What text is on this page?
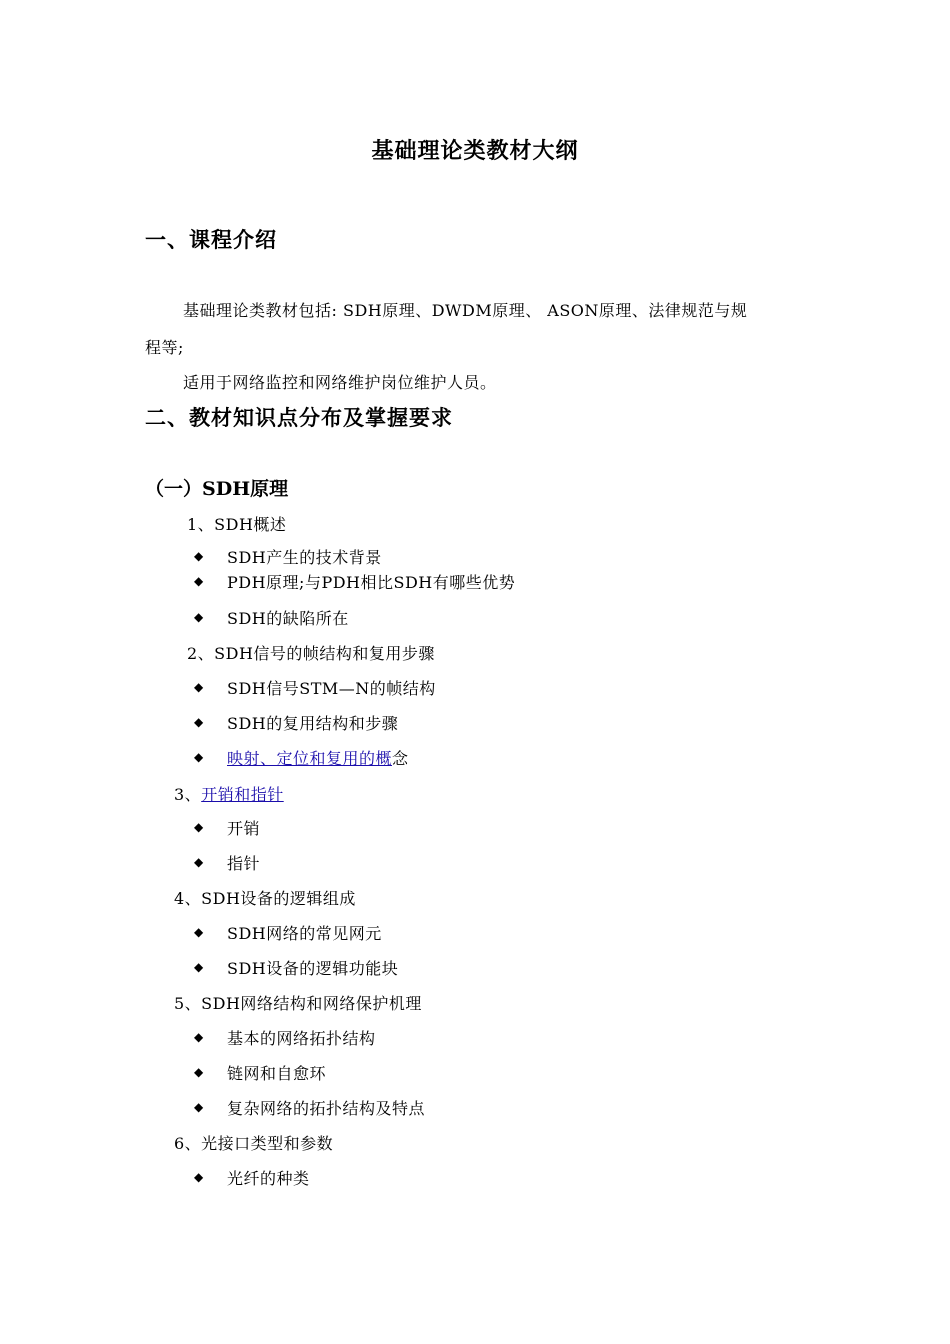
基础理论类教材大纲
一、课程介绍
基础理论类教材包括: SDH原理、DWDM原理、 ASON原理、法律规范与规
程等;
适用于网络监控和网络维护岗位维护人员。
二、教材知识点分布及掌握要求
（一）SDH原理
1、SDH概述
◆
SDH产生的技术背景
◆
PDH原理;与PDH相比SDH有哪些优势
◆
SDH的缺陷所在
2、SDH信号的帧结构和复用步骤
◆
SDH信号STM—N的帧结构
◆
SDH的复用结构和步骤
◆
映射、定位和复用的概念
3、开销和指针
◆
开销
◆
指针
4、SDH设备的逻辑组成
◆
SDH网络的常见网元
◆
SDH设备的逻辑功能块
5、SDH网络结构和网络保护机理
◆
基本的网络拓扑结构
◆
链网和自愈环
◆
复杂网络的拓扑结构及特点
6、光接口类型和参数
◆
光纤的种类
